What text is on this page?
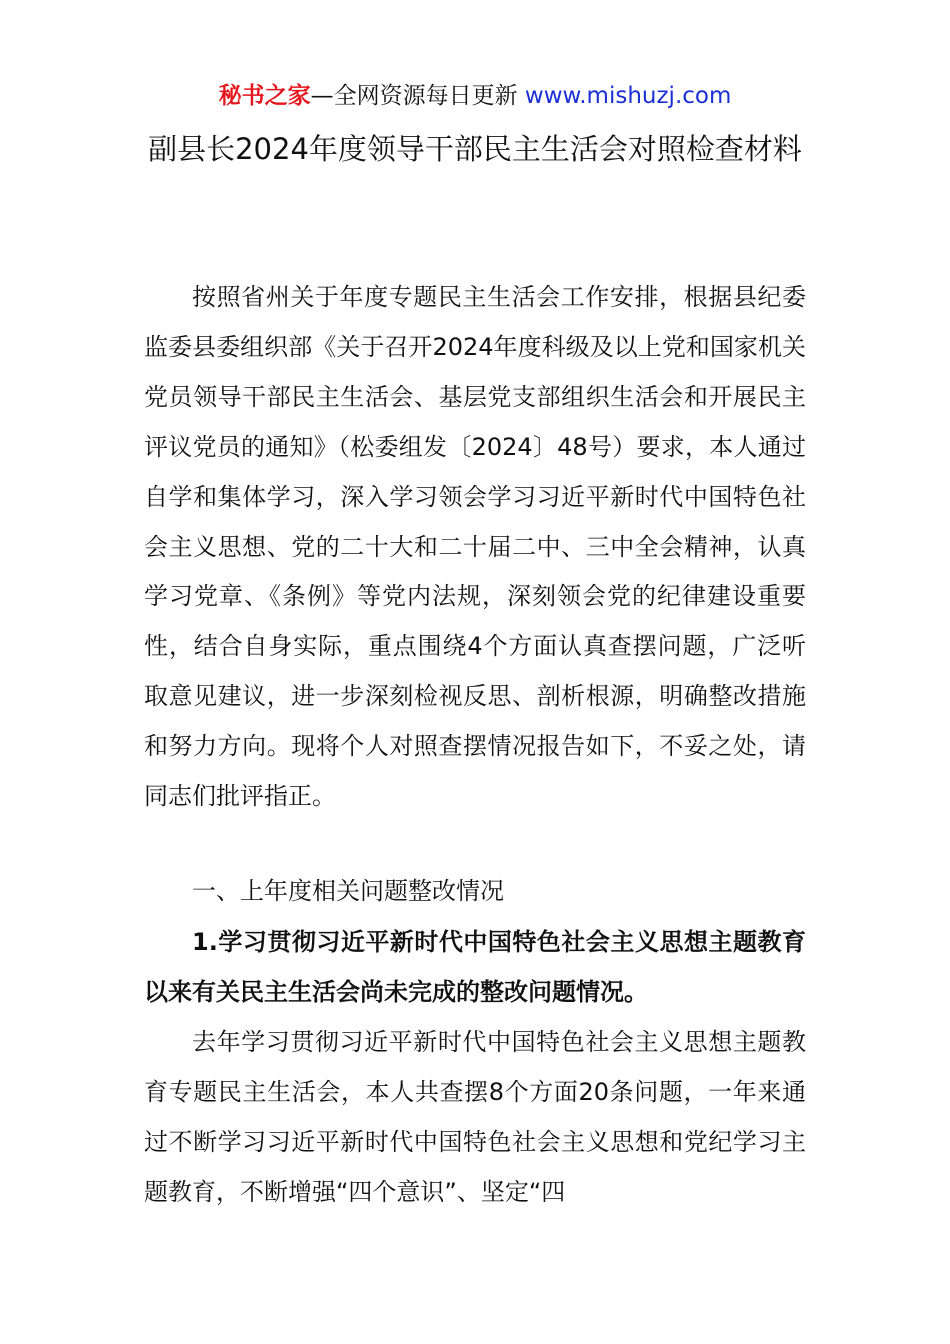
秘书之家—全网资源每日更新 www.mishuzj.com
副县长2024年度领导干部民主生活会对照检查材料

按照省州关于年度专题民主生活会工作安排，根据县纪委监委县委组织部《关于召开2024年度科级及以上党和国家机关党员领导干部民主生活会、基层党支部组织生活会和开展民主评议党员的通知》（松委组发〔2024〕48号）要求，本人通过自学和集体学习，深入学习领会学习习近平新时代中国特色社会主义思想、党的二十大和二十届二中、三中全会精神，认真学习党章、《条例》等党内法规，深刻领会党的纪律建设重要性，结合自身实际，重点围绕4个方面认真查摆问题，广泛听取意见建议，进一步深刻检视反思、剖析根源，明确整改措施和努力方向。现将个人对照查摆情况报告如下，不妥之处，请同志们批评指正。

一、上年度相关问题整改情况

1.学习贯彻习近平新时代中国特色社会主义思想主题教育以来有关民主生活会尚未完成的整改问题情况。

去年学习贯彻习近平新时代中国特色社会主义思想主题教育专题民主生活会，本人共查摆8个方面20条问题，一年来通过不断学习习近平新时代中国特色社会主义思想和党纪学习主题教育，不断增强“四个意识”、坚定“四
